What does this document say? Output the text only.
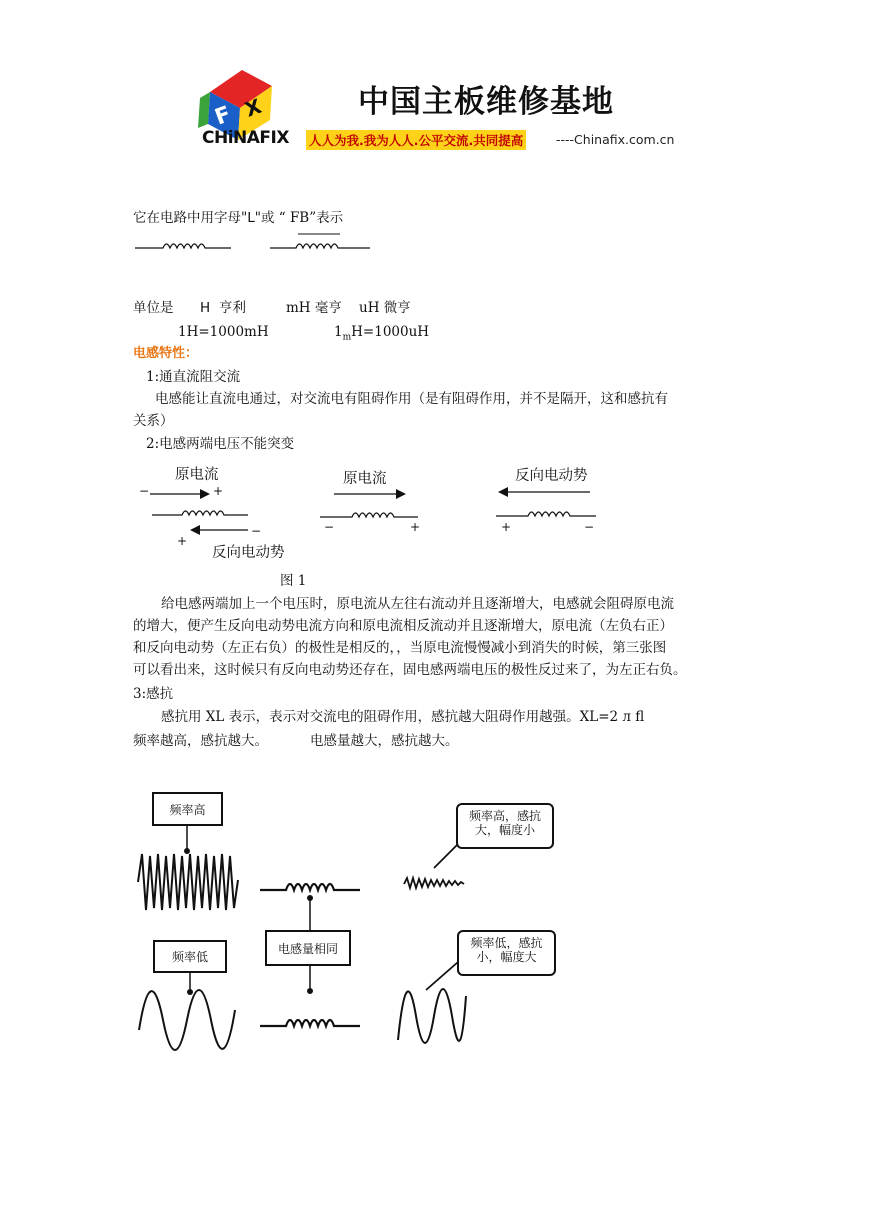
F X
CHiNAFIX
中国主板维修基地
人人为我.我为人人.公平交流.共同提高	----Chinafix.com.cn
它在电路中用字母"L"或 “ FB”表示
单位是 H 亨利	mH 毫亨 uH 微亨
1H=1000mH	$1_mH=1000uH$
电感特性：
1:通直流阻交流
电感能让直流电通过，对交流电有阻碍作用（是有阻碍作用，并不是隔开，这和感抗有
关系）
2:电感两端电压不能突变
原电流
−	+
−
+
反向电动势
原电流
−	+
反向电动势
+	−
图 1
给电感两端加上一个电压时，原电流从左往右流动并且逐渐增大，电感就会阻碍原电流
的增大，便产生反向电动势电流方向和原电流相反流动并且逐渐增大，原电流（左负右正）
和反向电动势（左正右负）的极性是相反的，，当原电流慢慢减小到消失的时候，第三张图
可以看出来，这时候只有反向电动势还存在，固电感两端电压的极性反过来了，为左正右负。
3:感抗
感抗用 XL 表示，表示对交流电的阻碍作用，感抗越大阻碍作用越强。XL=2 л fl
频率越高，感抗越大。	电感量越大，感抗越大。
频率高
频率低
电感量相同
频率高，感抗
大，幅度小
频率低，感抗
小，幅度大
